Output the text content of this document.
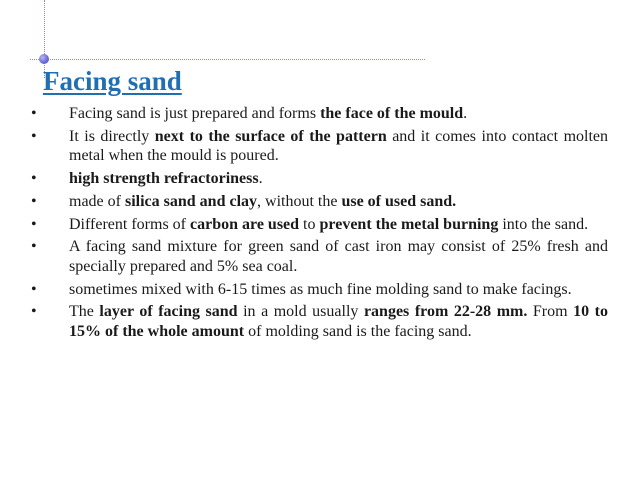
Facing sand
• Facing sand is just prepared and forms the face of the mould.
• It is directly next to the surface of the pattern and it comes into contact molten metal when the mould is poured.
• high strength refractoriness.
• made of silica sand and clay, without the use of used sand.
• Different forms of carbon are used to prevent the metal burning into the sand.
• A facing sand mixture for green sand of cast iron may consist of 25% fresh and specially prepared and 5% sea coal.
• sometimes mixed with 6-15 times as much fine molding sand to make facings.
• The layer of facing sand in a mold usually ranges from 22-28 mm. From 10 to 15% of the whole amount of molding sand is the facing sand.
